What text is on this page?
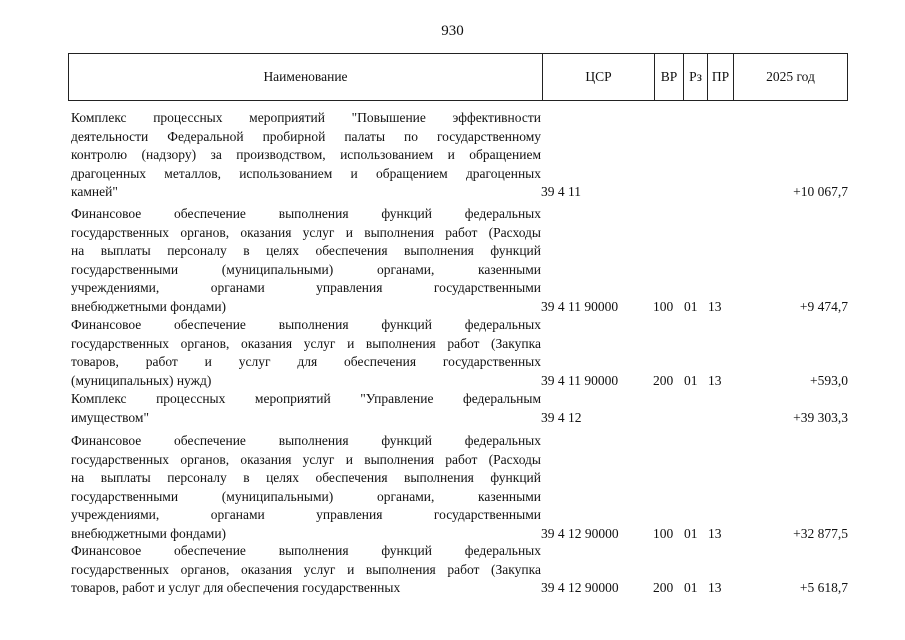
930
Наименование	ЦСР	ВР Рз ПР	2025 год
Комплекс процессных мероприятий "Повышение эффективности
деятельности Федеральной пробирной палаты по государственному
контролю (надзору) за производством, использованием и обращением
драгоценных металлов, использованием и обращением драгоценных
камней"	39 4 11	+10 067,7
Финансовое обеспечение выполнения функций федеральных
государственных органов, оказания услуг и выполнения работ (Расходы
на выплаты персоналу в целях обеспечения выполнения функций
государственными (муниципальными) органами, казенными
учреждениями, органами управления государственными
внебюджетными фондами)	39 4 11 90000	100 01 13	+9 474,7
Финансовое обеспечение выполнения функций федеральных
государственных органов, оказания услуг и выполнения работ (Закупка
товаров, работ и услуг для обеспечения государственных
(муниципальных) нужд)	39 4 11 90000	200 01 13	+593,0
Комплекс процессных мероприятий "Управление федеральным
имуществом"	39 4 12	+39 303,3
Финансовое обеспечение выполнения функций федеральных
государственных органов, оказания услуг и выполнения работ (Расходы
на выплаты персоналу в целях обеспечения выполнения функций
государственными (муниципальными) органами, казенными
учреждениями, органами управления государственными
внебюджетными фондами)	39 4 12 90000	100 01 13	+32 877,5
Финансовое обеспечение выполнения функций федеральных
государственных органов, оказания услуг и выполнения работ (Закупка
товаров, работ и услуг для обеспечения государственных	39 4 12 90000	200 01 13	+5 618,7
